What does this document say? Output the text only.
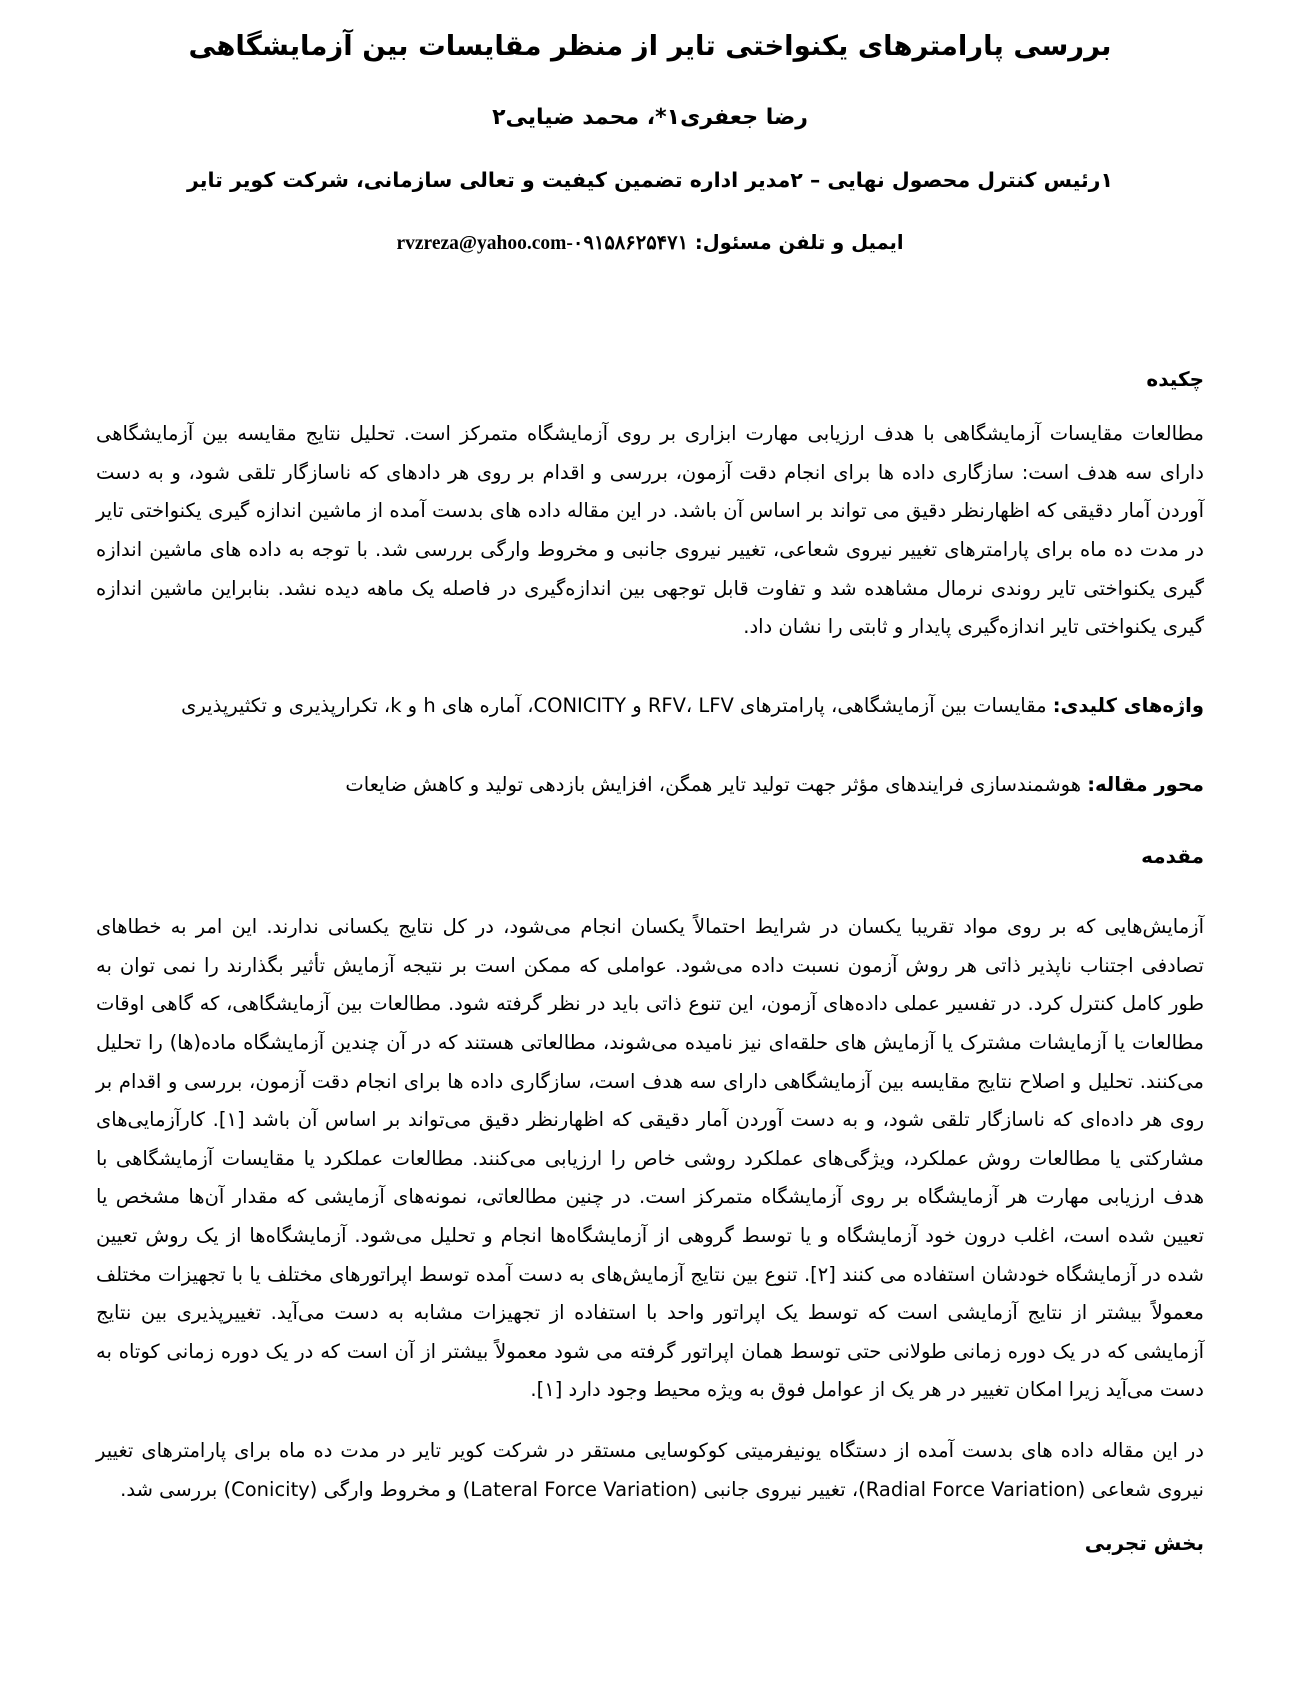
بررسی پارامترهای یکنواختی تایر از منظر مقایسات بین آزمایشگاهی
رضا جعفری۱*، محمد ضیایی۲
۱رئیس کنترل محصول نهایی – ۲مدیر اداره تضمین کیفیت و تعالی سازمانی، شرکت کویر تایر
ایمیل و تلفن مسئول: rvzreza@yahoo.com-۰۹۱۵۸۶۲۵۴۷۱
چکیده

مطالعات مقایسات آزمایشگاهی با هدف ارزیابی مهارت ابزاری بر روی آزمایشگاه متمرکز است. تحلیل نتایج مقایسه بین آزمایشگاهی دارای سه هدف است: سازگاری داده ها برای انجام دقت آزمون، بررسی و اقدام بر روی هر دادهای که ناسازگار تلقی شود، و به دست آوردن آمار دقیقی که اظهارنظر دقیق می تواند بر اساس آن باشد. در این مقاله داده های بدست آمده از ماشین اندازه گیری یکنواختی تایر در مدت ده ماه برای پارامترهای تغییر نیروی شعاعی، تغییر نیروی جانبی و مخروط وارگی بررسی شد. با توجه به داده های ماشین اندازه گیری یکنواختی تایر روندی نرمال مشاهده شد و تفاوت قابل توجهی بین اندازه‌گیری در فاصله یک ماهه دیده نشد. بنابراین ماشین اندازه گیری یکنواختی تایر اندازه‌گیری پایدار و ثابتی را نشان داد.

واژه‌های کلیدی: مقایسات بین آزمایشگاهی، پارامترهای RFV، LFV و CONICITY، آماره های h و k، تکرارپذیری و تکثیرپذیری
محور مقاله: هوشمندسازی فرایندهای مؤثر جهت تولید تایر همگن، افزایش بازدهی تولید و کاهش ضایعات
مقدمه

آزمایش‌هایی که بر روی مواد تقریبا یکسان در شرایط احتمالاً یکسان انجام می‌شود، در کل نتایج یکسانی ندارند. این امر به خطاهای تصادفی اجتناب ناپذیر ذاتی هر روش آزمون نسبت داده می‌شود. عواملی که ممکن است بر نتیجه آزمایش تأثیر بگذارند را نمی توان به طور کامل کنترل کرد. در تفسیر عملی داده‌های آزمون، این تنوع ذاتی باید در نظر گرفته شود. مطالعات بین آزمایشگاهی، که گاهی اوقات مطالعات یا آزمایشات مشترک یا آزمایش های حلقه‌ای نیز نامیده می‌شوند، مطالعاتی هستند که در آن چندین آزمایشگاه ماده(ها) را تحلیل می‌کنند. تحلیل و اصلاح نتایج مقایسه بین آزمایشگاهی دارای سه هدف است، سازگاری داده ها برای انجام دقت آزمون، بررسی و اقدام بر روی هر داده‌ای که ناسازگار تلقی شود، و به دست آوردن آمار دقیقی که اظهارنظر دقیق می‌تواند بر اساس آن باشد [۱]. کارآزمایی‌های مشارکتی یا مطالعات روش عملکرد، ویژگی‌های عملکرد روشی خاص را ارزیابی می‌کنند. مطالعات عملکرد یا مقایسات آزمایشگاهی با هدف ارزیابی مهارت هر آزمایشگاه بر روی آزمایشگاه متمرکز است. در چنین مطالعاتی، نمونه‌های آزمایشی که مقدار آن‌ها مشخص یا تعیین شده است، اغلب درون خود آزمایشگاه و یا توسط گروهی از آزمایشگاه‌ها انجام و تحلیل می‌شود. آزمایشگاه‌ها از یک روش تعیین شده در آزمایشگاه خودشان استفاده می کنند [۲]. تنوع بین نتایج آزمایش‌های به دست آمده توسط اپراتورهای مختلف یا با تجهیزات مختلف معمولاً بیشتر از نتایج آزمایشی است که توسط یک اپراتور واحد با استفاده از تجهیزات مشابه به دست می‌آید. تغییرپذیری بین نتایج آزمایشی که در یک دوره زمانی طولانی حتی توسط همان اپراتور گرفته می شود معمولاً بیشتر از آن است که در یک دوره زمانی کوتاه به دست می‌آید زیرا امکان تغییر در هر یک از عوامل فوق به ویژه محیط وجود دارد [۱].

در این مقاله داده های بدست آمده از دستگاه یونیفرمیتی کوکوسایی مستقر در شرکت کویر تایر در مدت ده ماه برای پارامترهای تغییر نیروی شعاعی (Radial Force Variation)، تغییر نیروی جانبی (Lateral Force Variation) و مخروط وارگی (Conicity) بررسی شد.

بخش تجربی
